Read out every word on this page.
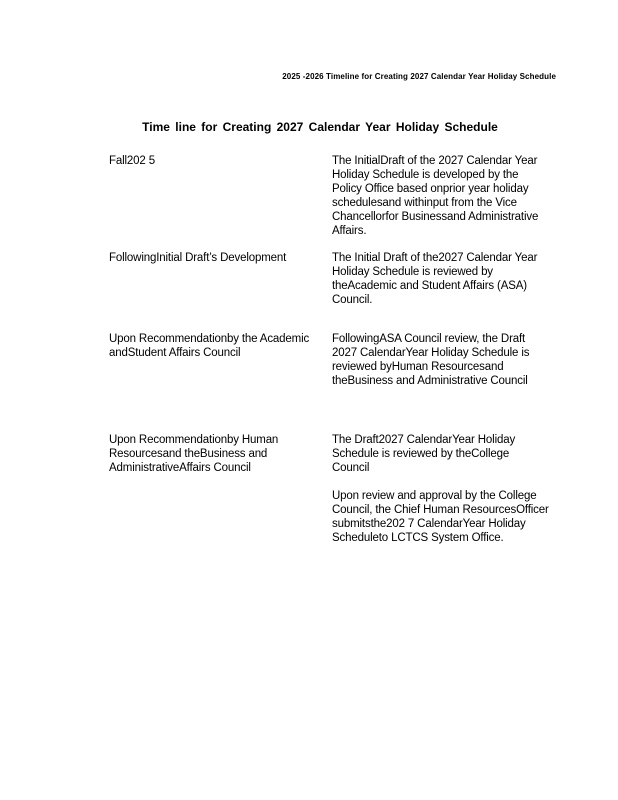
2025 -2026 Timeline for Creating 2027 Calendar Year Holiday Schedule
Time line for Creating 2027 Calendar Year Holiday Schedule
Fall202 5	The InitialDraft of the 2027 Calendar Year Holiday Schedule is developed by the Policy Office based onprior year holiday schedulesand withinput from the Vice Chancellorfor Businessand Administrative Affairs.

FollowingInitial Draft’s Development	The Initial Draft of the2027 Calendar Year Holiday Schedule is reviewed by theAcademic and Student Affairs (ASA) Council.

Upon Recommendationby the Academic andStudent Affairs Council

FollowingASA Council review, the Draft 2027 CalendarYear Holiday Schedule is reviewed byHuman Resourcesand theBusiness and Administrative Council

Upon Recommendationby Human Resourcesand theBusiness and AdministrativeAffairs Council

The Draft2027 CalendarYear Holiday Schedule is reviewed by theCollege Council

Upon review and approval by the College Council, the Chief Human ResourcesOfficer submitsthe202 7 CalendarYear Holiday Scheduleto LCTCS System Office.
